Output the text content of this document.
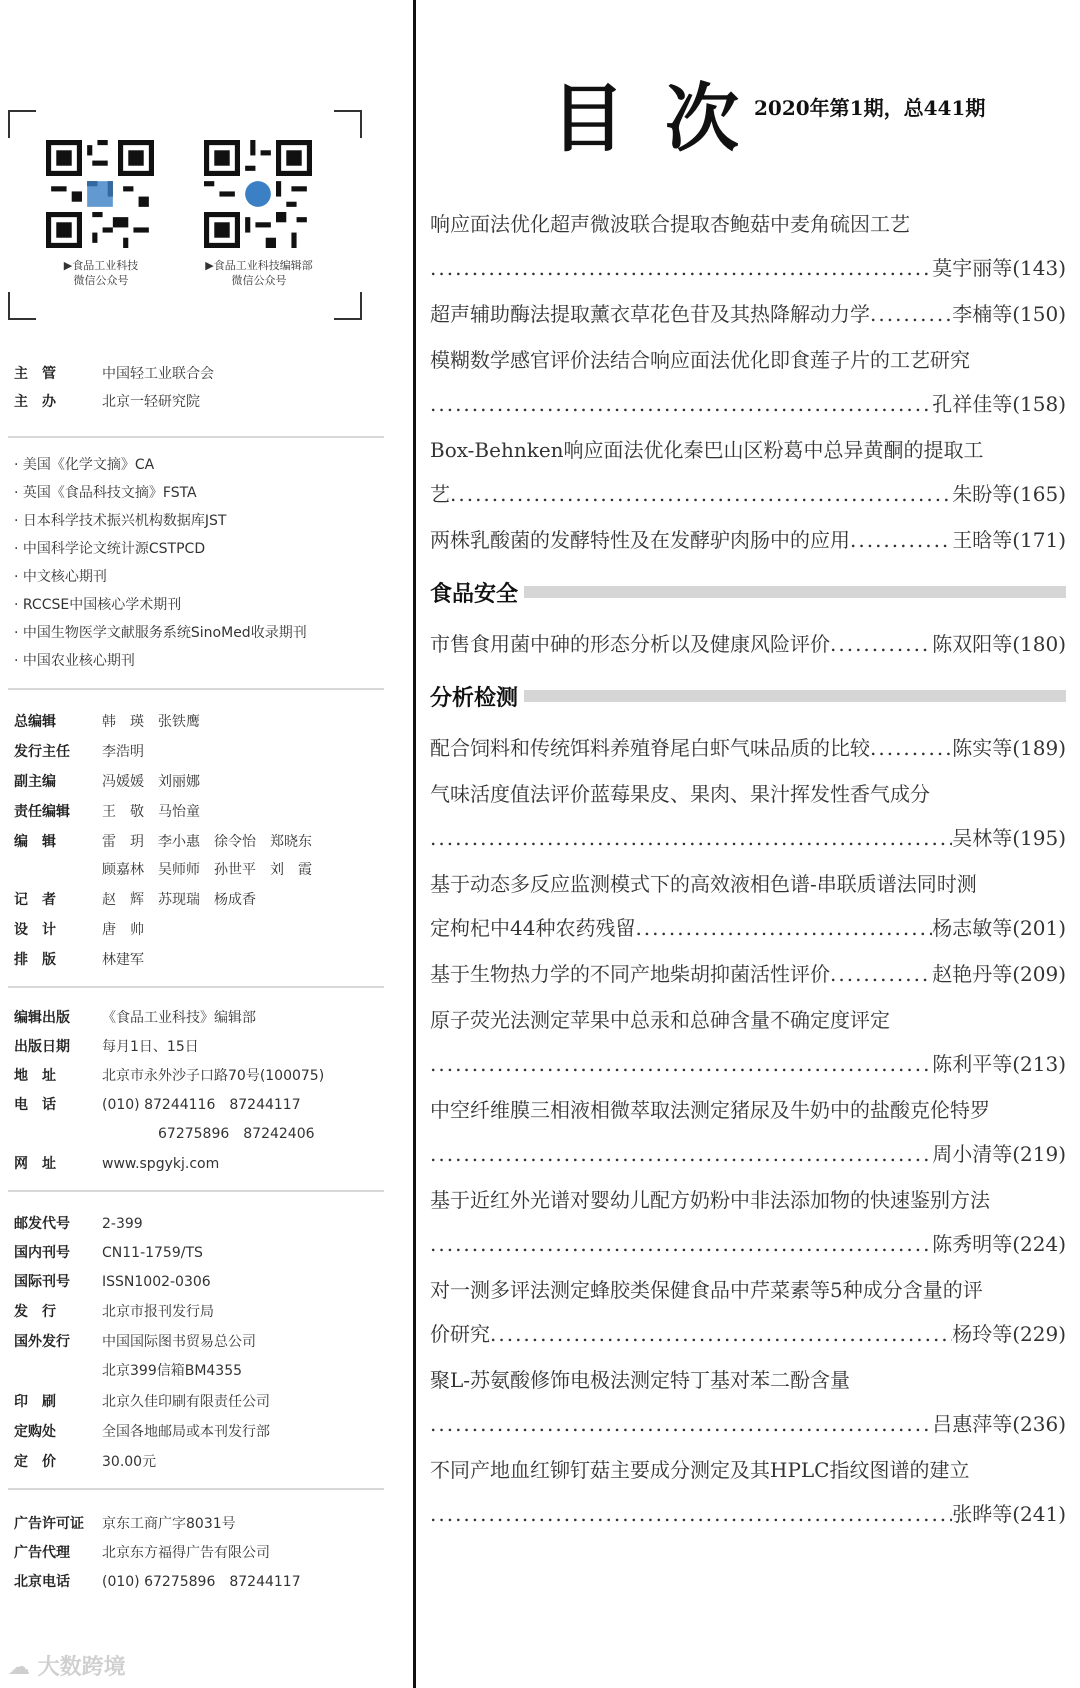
▶食品工业科技
微信公众号
▶食品工业科技编辑部
微信公众号
主　管	中国轻工业联合会
主　办	北京一轻研究院
· 美国《化学文摘》CA
· 英国《食品科技文摘》FSTA
· 日本科学技术振兴机构数据库JST
· 中国科学论文统计源CSTPCD
· 中文核心期刊
· RCCSE中国核心学术期刊
· 中国生物医学文献服务系统SinoMed收录期刊
· 中国农业核心期刊
总编辑	韩　瑛　张铁鹰
发行主任 李浩明
副主编	冯媛媛　刘丽娜
责任编辑 王　敬　马怡童
编　辑	雷　玥　李小惠　徐令怡　郑晓东
顾嘉林　吴师师　孙世平　刘　霞
记　者	赵　辉　苏现瑞　杨成香
设　计	唐　帅
排　版	林建军
编辑出版 《食品工业科技》编辑部
出版日期 每月1日、15日
地　址	北京市永外沙子口路70号(100075)
电　话	(010) 87244116　87244117
67275896　87242406
网　址	www.spgykj.com
邮发代号 2-399
国内刊号 CN11-1759/TS
国际刊号 ISSN1002-0306
发　行	北京市报刊发行局
国外发行 中国国际图书贸易总公司
北京399信箱BM4355
印　刷	北京久佳印刷有限责任公司
定购处	全国各地邮局或本刊发行部
定　价	30.00元
广告许可证 京东工商广字8031号
广告代理 北京东方福得广告有限公司
北京电话 (010) 67275896　87244117
☁ 大数跨境
目次
2020年第1期，总441期
响应面法优化超声微波联合提取杏鲍菇中麦角硫因工艺
.....
莫宇丽等(143)
超声辅助酶法提取薰衣草花色苷及其热降解动力学 .....	李楠等(150)
模糊数学感官评价法结合响应面法优化即食莲子片的工艺研究
.....
孔祥佳等(158)
Box-Behnken响应面法优化秦巴山区粉葛中总异黄酮的提取工
艺 .....	朱盼等(165)
两株乳酸菌的发酵特性及在发酵驴肉肠中的应用 .....	王晗等(171)
食品安全
市售食用菌中砷的形态分析以及健康风险评价 .....	陈双阳等(180)
分析检测
配合饲料和传统饵料养殖脊尾白虾气味品质的比较 .....	陈实等(189)
气味活度值法评价蓝莓果皮、果肉、果汁挥发性香气成分
.....
吴林等(195)
基于动态多反应监测模式下的高效液相色谱-串联质谱法同时测
定枸杞中44种农药残留 .....	杨志敏等(201)
基于生物热力学的不同产地柴胡抑菌活性评价 .....	赵艳丹等(209)
原子荧光法测定苹果中总汞和总砷含量不确定度评定
.....
陈利平等(213)
中空纤维膜三相液相微萃取法测定猪尿及牛奶中的盐酸克伦特罗
.....
周小清等(219)
基于近红外光谱对婴幼儿配方奶粉中非法添加物的快速鉴别方法
.....
陈秀明等(224)
对一测多评法测定蜂胶类保健食品中芹菜素等5种成分含量的评
价研究 .....	杨玲等(229)
聚L-苏氨酸修饰电极法测定特丁基对苯二酚含量
.....
吕惠萍等(236)
不同产地血红铆钉菇主要成分测定及其HPLC指纹图谱的建立
.....
张晔等(241)
